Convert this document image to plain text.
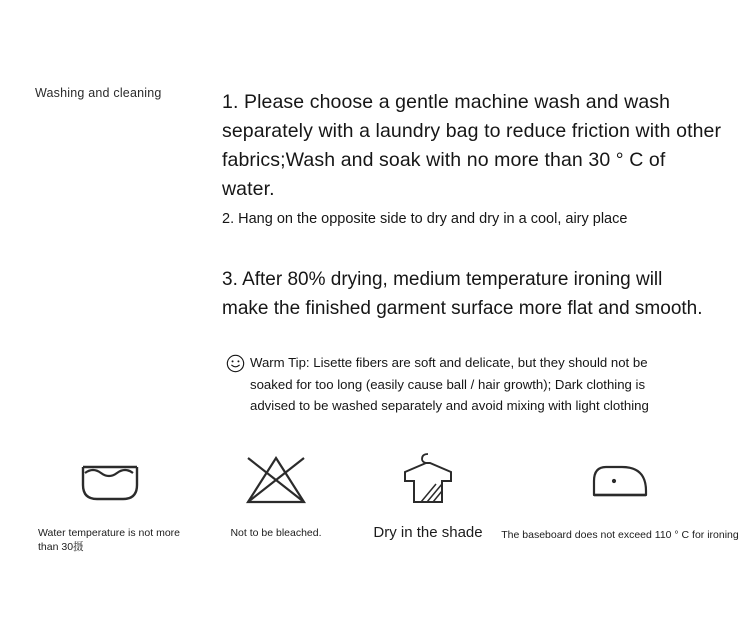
Washing and cleaning	1. Please choose a gentle machine wash and wash separately with a laundry bag to reduce friction with other fabrics;Wash and soak with no more than 30 ° C of water.
2. Hang on the opposite side to dry and dry in a cool, airy place
3. After 80% drying, medium temperature ironing will make the finished garment surface more flat and smooth.
Warm Tip: Lisette fibers are soft and delicate, but they should not be soaked for too long (easily cause ball / hair growth); Dark clothing is advised to be washed separately and avoid mixing with light clothing
Water temperature is not more than 30摄
Not to be bleached.	Dry in the shade	The baseboard does not exceed 110 ° C for ironing
